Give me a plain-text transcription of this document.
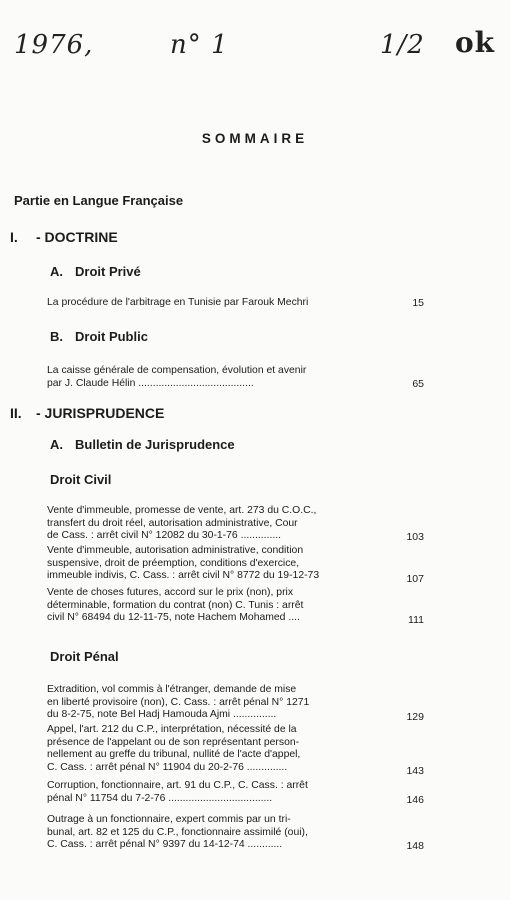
1976,	n° 1	1/2 ok
SOMMAIRE
Partie en Langue Française
I. - DOCTRINE
A. Droit Privé
La procédure de l'arbitrage en Tunisie par Farouk Mechri	15
B. Droit Public
La caisse générale de compensation, évolution et avenir
par J. Claude Hélin ........................................	65
II. - JURISPRUDENCE
A. Bulletin de Jurisprudence
Droit Civil
Vente d'immeuble, promesse de vente, art. 273 du C.O.C.,
transfert du droit réel, autorisation administrative, Cour
de Cass. : arrêt civil N° 12082 du 30-1-76 ..............	103
Vente d'immeuble, autorisation administrative, condition
suspensive, droit de préemption, conditions d'exercice,
immeuble indivis, C. Cass. : arrêt civil N° 8772 du 19-12-73	107
Vente de choses futures, accord sur le prix (non), prix
déterminable, formation du contrat (non) C. Tunis : arrêt
civil N° 68494 du 12-11-75, note Hachem Mohamed ....	111
Droit Pénal
Extradition, vol commis à l'étranger, demande de mise
en liberté provisoire (non), C. Cass. : arrêt pénal N° 1271
du 8-2-75, note Bel Hadj Hamouda Ajmi ...............	129
Appel, l'art. 212 du C.P., interprétation, nécessité de la
présence de l'appelant ou de son représentant person-
nellement au greffe du tribunal, nullité de l'acte d'appel,
C. Cass. : arrêt pénal N° 11904 du 20-2-76 ..............	143
Corruption, fonctionnaire, art. 91 du C.P., C. Cass. : arrêt
pénal N° 11754 du 7-2-76 ....................................	146
Outrage à un fonctionnaire, expert commis par un tri-
bunal, art. 82 et 125 du C.P., fonctionnaire assimilé (oui),
C. Cass. : arrêt pénal N° 9397 du 14-12-74 ............	148
